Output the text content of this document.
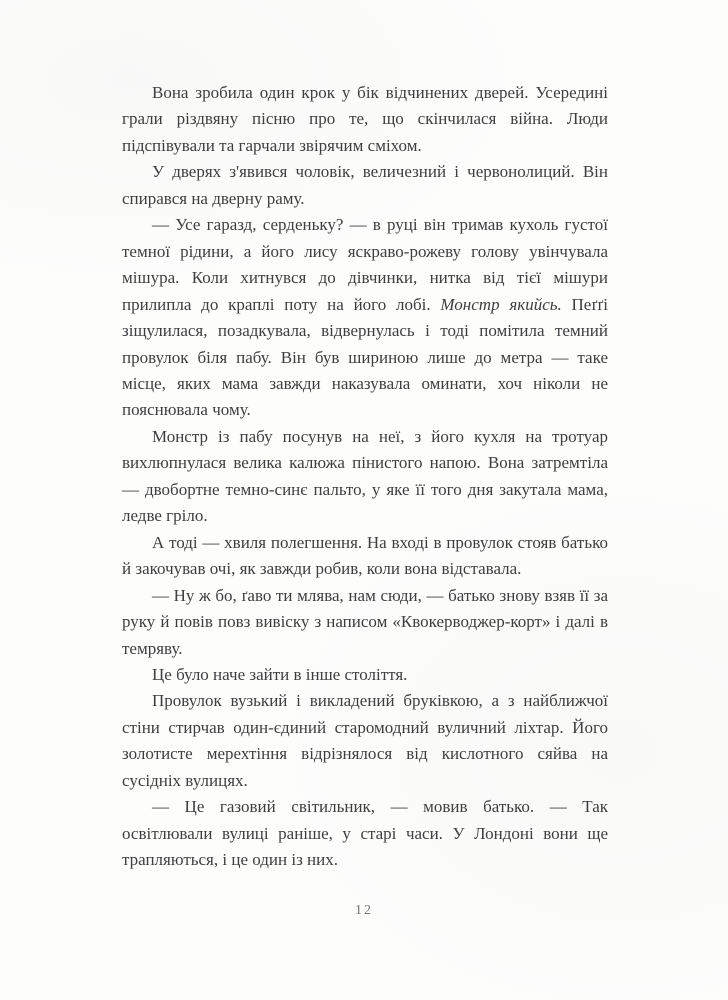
Вона зробила один крок у бік відчинених дверей. Усередині грали різдвяну пісню про те, що скінчилася війна. Люди підспівували та гарчали звірячим сміхом.

У дверях з'явився чоловік, величезний і червонолиций. Він спирався на дверну раму.

— Усе гаразд, серденьку? — в руці він тримав кухоль густої темної рідини, а його лису яскраво-рожеву голову увінчувала мішура. Коли хитнувся до дівчинки, нитка від тієї мішури прилипла до краплі поту на його лобі. Монстр якийсь. Пеґґі зіщулилася, позадкувала, відвернулась і тоді помітила темний провулок біля пабу. Він був шириною лише до метра — таке місце, яких мама завжди наказувала оминати, хоч ніколи не пояснювала чому.

Монстр із пабу посунув на неї, з його кухля на тротуар вихлюпнулася велика калюжа пінистого напою. Вона затремтіла — двобортне темно-синє пальто, у яке її того дня закутала мама, ледве гріло.

А тоді — хвиля полегшення. На вході в провулок стояв батько й закочував очі, як завжди робив, коли вона відставала.

— Ну ж бо, ґаво ти млява, нам сюди, — батько знову взяв її за руку й повів повз вивіску з написом «Квокерводжер-корт» і далі в темряву.

Це було наче зайти в інше століття.

Провулок вузький і викладений бруківкою, а з найближчої стіни стирчав один-єдиний старомодний вуличний ліхтар. Його золотисте мерехтіння відрізнялося від кислотного сяйва на сусідніх вулицях.

— Це газовий світильник, — мовив батько. — Так освітлювали вулиці раніше, у старі часи. У Лондоні вони ще трапляються, і це один із них.

12
